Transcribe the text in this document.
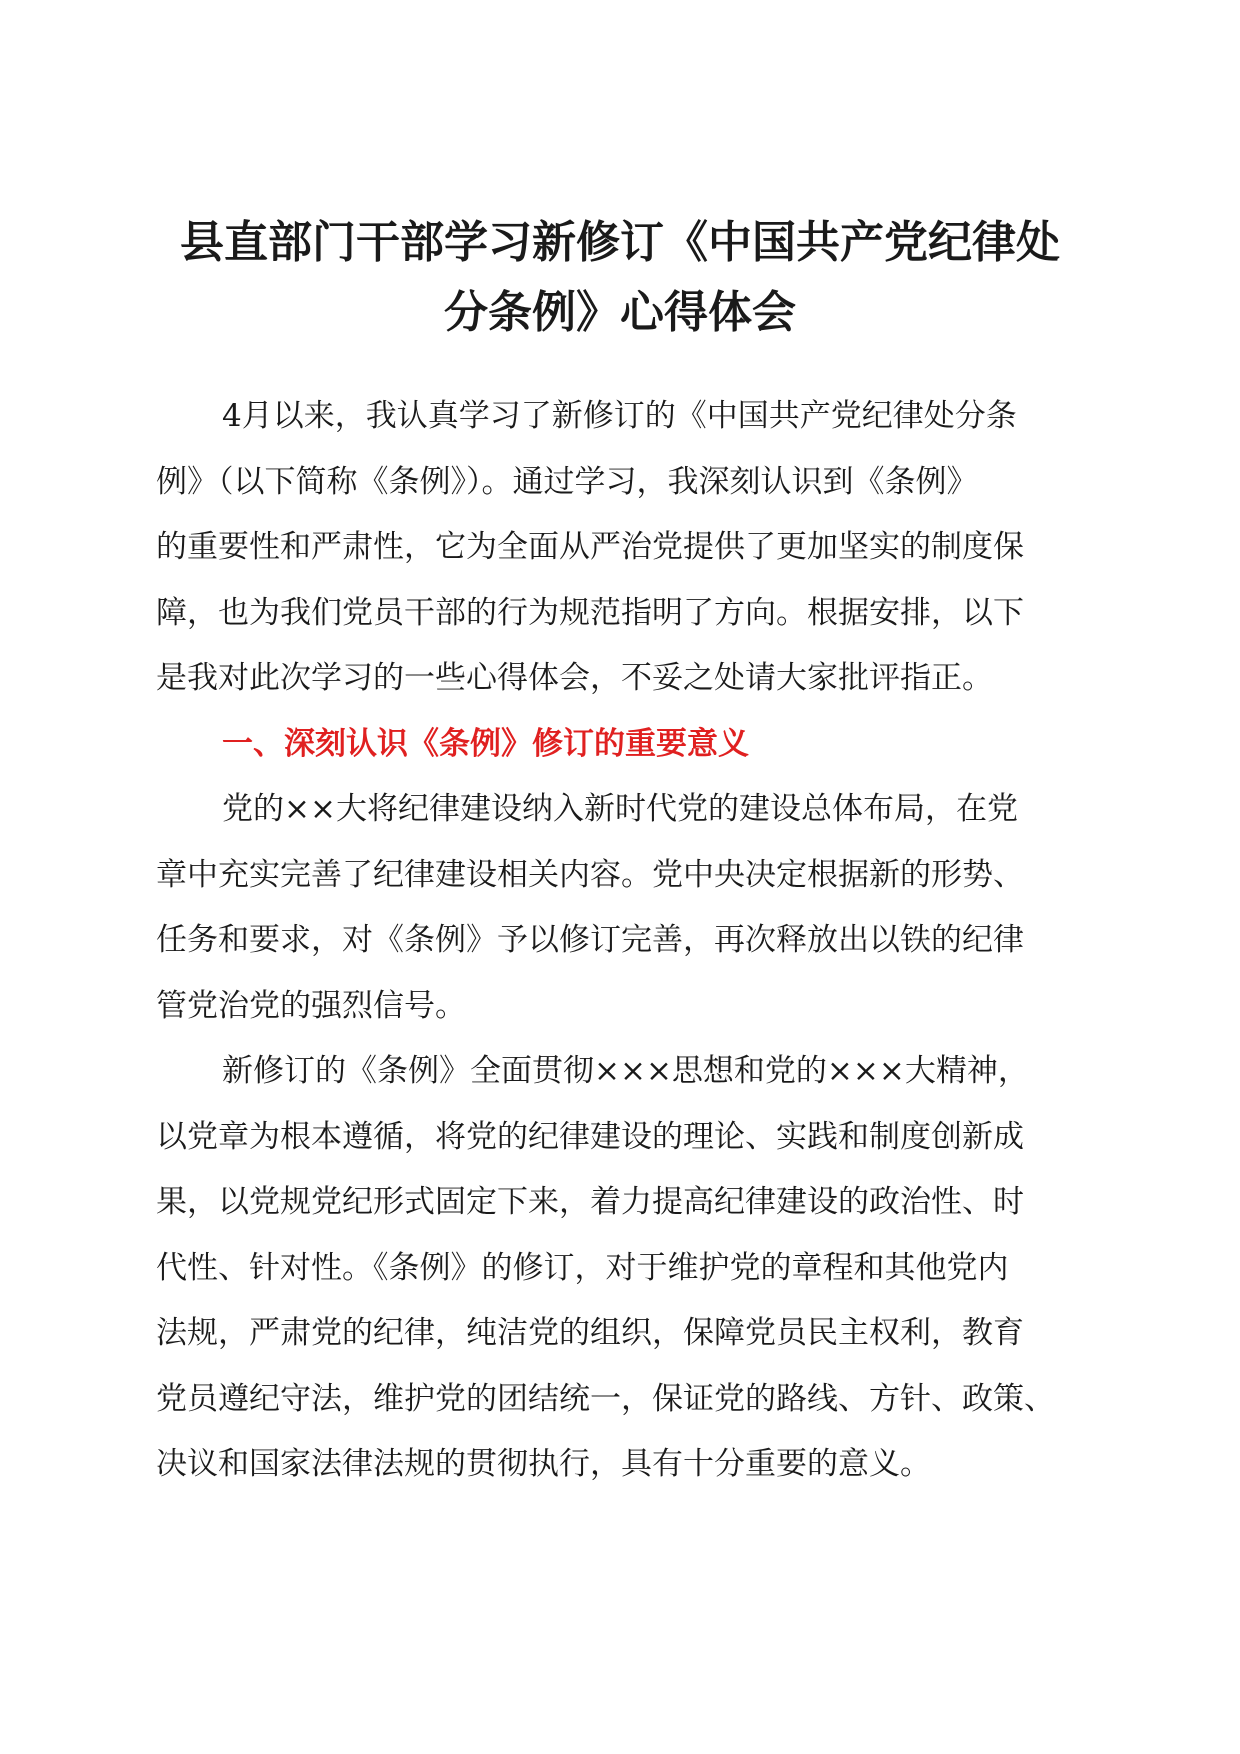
县直部门干部学习新修订《中国共产党纪律处
分条例》心得体会
4月以来，我认真学习了新修订的《中国共产党纪律处分条
例》（以下简称《条例》）。通过学习，我深刻认识到《条例》
的重要性和严肃性，它为全面从严治党提供了更加坚实的制度保
障，也为我们党员干部的行为规范指明了方向。根据安排，以下
是我对此次学习的一些心得体会，不妥之处请大家批评指正。
一、深刻认识《条例》修订的重要意义
党的××大将纪律建设纳入新时代党的建设总体布局，在党
章中充实完善了纪律建设相关内容。党中央决定根据新的形势、
任务和要求，对《条例》予以修订完善，再次释放出以铁的纪律
管党治党的强烈信号。
新修订的《条例》全面贯彻×××思想和党的×××大精神，
以党章为根本遵循，将党的纪律建设的理论、实践和制度创新成
果，以党规党纪形式固定下来，着力提高纪律建设的政治性、时
代性、针对性。《条例》的修订，对于维护党的章程和其他党内
法规，严肃党的纪律，纯洁党的组织，保障党员民主权利，教育
党员遵纪守法，维护党的团结统一，保证党的路线、方针、政策、
决议和国家法律法规的贯彻执行，具有十分重要的意义。
